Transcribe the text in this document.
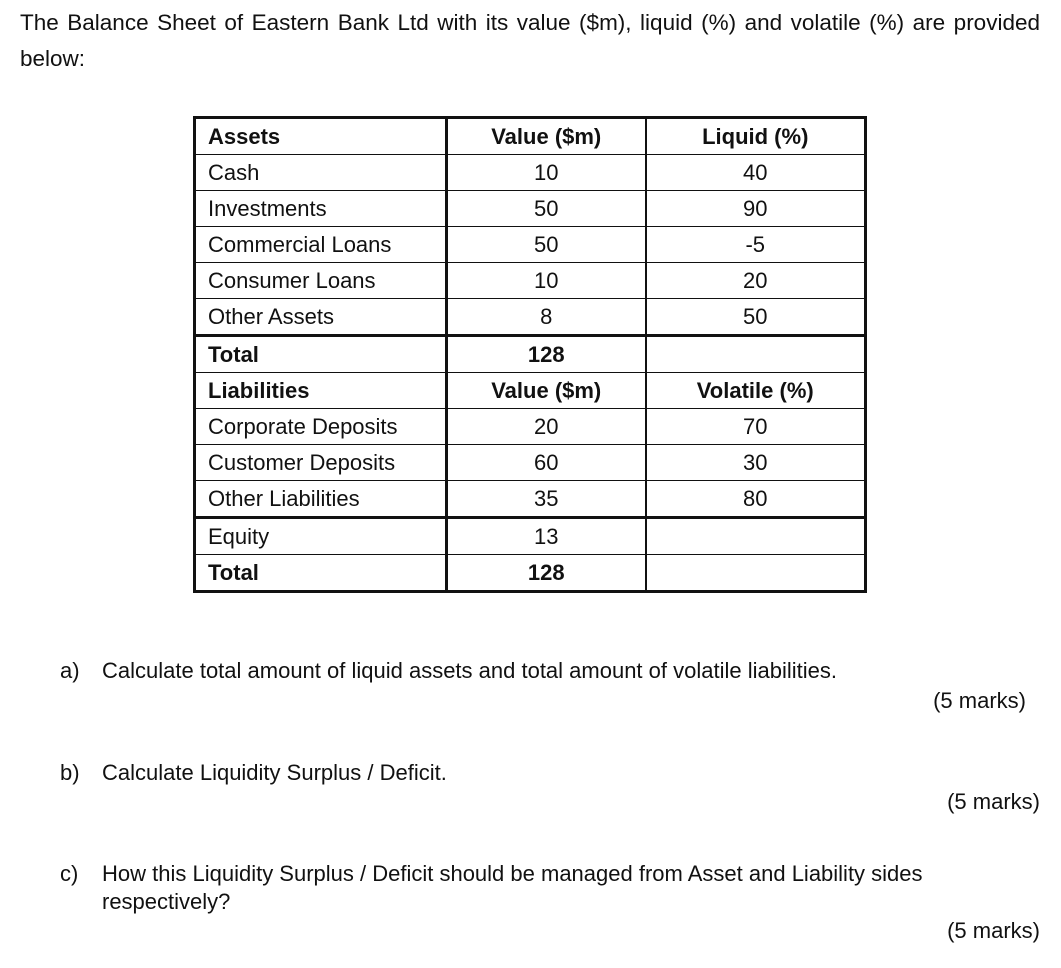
The Balance Sheet of Eastern Bank Ltd with its value ($m), liquid (%) and volatile (%) are provided below:
Assets	Value ($m)	Liquid (%)
Cash	10	40
Investments	50	90
Commercial Loans	50	-5
Consumer Loans	10	20
Other Assets	8	50
Total	128	
Liabilities	Value ($m)	Volatile (%)
Corporate Deposits	20	70
Customer Deposits	60	30
Other Liabilities	35	80
Equity	13	
Total	128	
a) Calculate total amount of liquid assets and total amount of volatile liabilities.
(5 marks)
b) Calculate Liquidity Surplus / Deficit.
(5 marks)
c) How this Liquidity Surplus / Deficit should be managed from Asset and Liability sides
respectively?
(5 marks)
